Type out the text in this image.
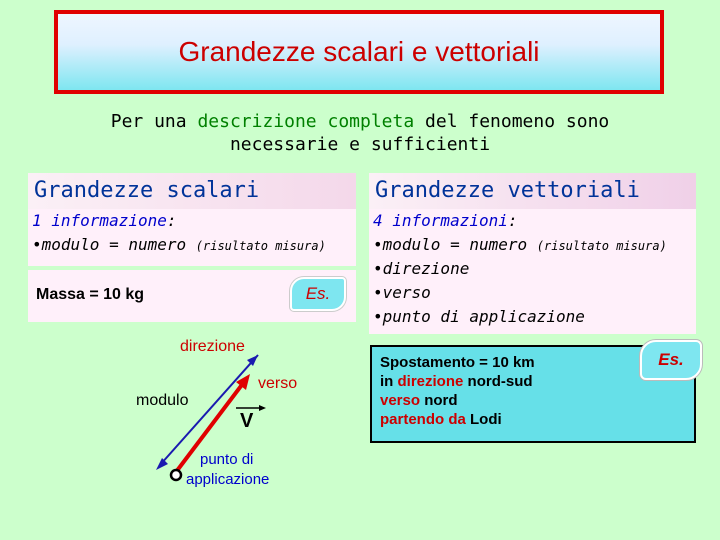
Grandezze scalari e vettoriali
Per una descrizione completa del fenomeno sono
necessarie e sufficienti
Grandezze scalari
1 informazione:
•modulo = numero (risultato misura)
Massa = 10 kg	Es.
Grandezze vettoriali
4 informazioni:
•modulo = numero (risultato misura)
•direzione
•verso
•punto di applicazione
Spostamento = 10 km
in direzione nord-sud
verso nord
partendo da Lodi
Es.
direzione
verso
modulo
V
punto di
applicazione
